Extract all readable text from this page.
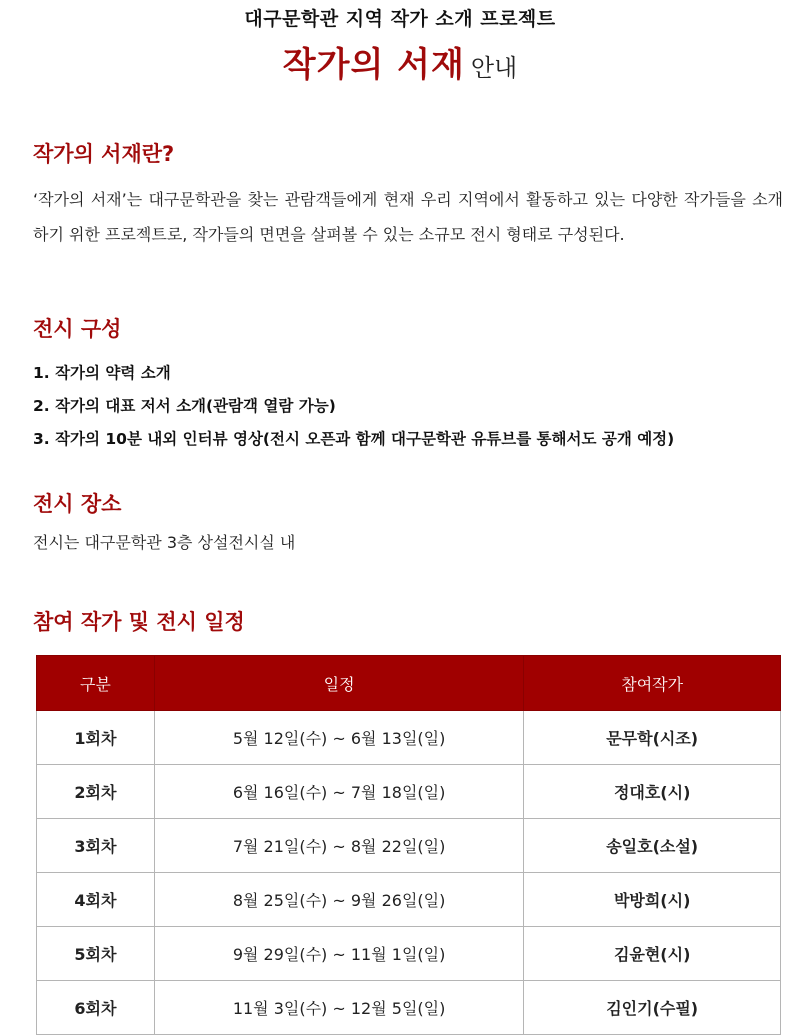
대구문학관 지역 작가 소개 프로젝트
작가의 서재 안내
작가의 서재란?

‘작가의 서재’는 대구문학관을 찾는 관람객들에게 현재 우리 지역에서 활동하고 있는 다양한 작가들을 소개하기 위한 프로젝트로, 작가들의 면면을 살펴볼 수 있는 소규모 전시 형태로 구성된다.

전시 구성
1. 작가의 약력 소개
2. 작가의 대표 저서 소개(관람객 열람 가능)
3. 작가의 10분 내외 인터뷰 영상(전시 오픈과 함께 대구문학관 유튜브를 통해서도 공개 예정)
전시 장소

전시는 대구문학관 3층 상설전시실 내

참여 작가 및 전시 일정
구분	일정	참여작가
1회차	5월 12일(수) ~ 6월 13일(일)	문무학(시조)
2회차	6월 16일(수) ~ 7월 18일(일)	정대호(시)
3회차	7월 21일(수) ~ 8월 22일(일)	송일호(소설)
4회차	8월 25일(수) ~ 9월 26일(일)	박방희(시)
5회차	9월 29일(수) ~ 11월 1일(일)	김윤현(시)
6회차	11월 3일(수) ~ 12월 5일(일)	김인기(수필)
